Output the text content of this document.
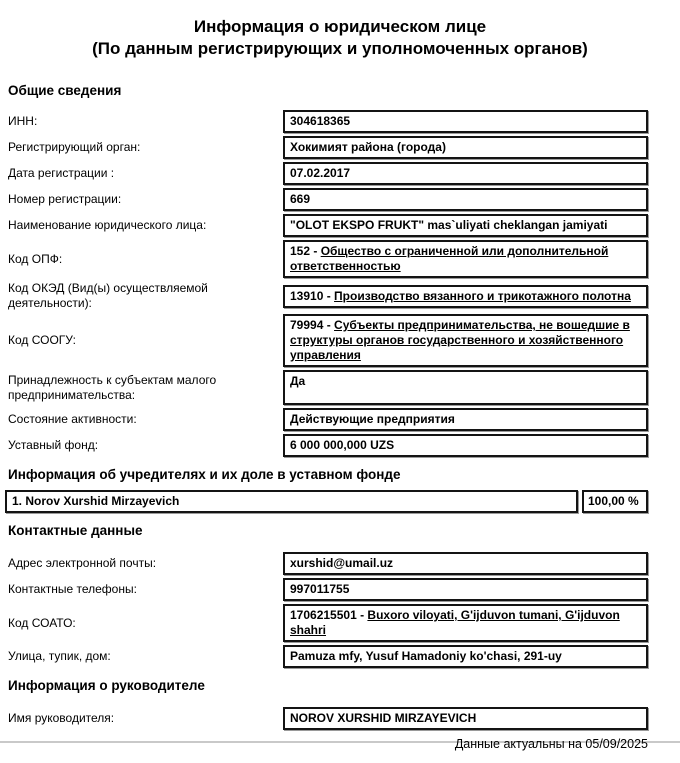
Информация о юридическом лице
(По данным регистрирующих и уполномоченных органов)
Общие сведения
ИНН:	304618365
Регистрирующий орган:	Хокимият района (города)
Дата регистрации :	07.02.2017
Номер регистрации:	669
Наименование юридического лица:	"OLOT EKSPO FRUKT" mas`uliyati cheklangan jamiyati
Код ОПФ:
152 - Общество с ограниченной или дополнительной ответственностью
Код ОКЭД (Вид(ы) осуществляемой деятельности):
13910 - Производство вязанного и трикотажного полотна
Код СООГУ:
79994 - Субъекты предпринимательства, не вошедшие в структуры органов государственного и хозяйственного управления
Принадлежность к субъектам малого предпринимательства:
Да
Состояние активности:	Действующие предприятия
Уставный фонд:	6 000 000,000 UZS
Информация об учредителях и их доле в уставном фонде
1. Norov Xurshid Mirzayevich	100,00 %
Контактные данные
Адрес электронной почты:	xurshid@umail.uz
Контактные телефоны:	997011755
Код СОАТО:
1706215501 - Buxoro viloyati, G'ijduvon tumani, G'ijduvon shahri
Улица, тупик, дом:	Pamuza mfy, Yusuf Hamadoniy ko'chasi, 291-uy
Информация о руководителе
Имя руководителя:	NOROV XURSHID MIRZAYEVICH
Данные актуальны на 05/09/2025
